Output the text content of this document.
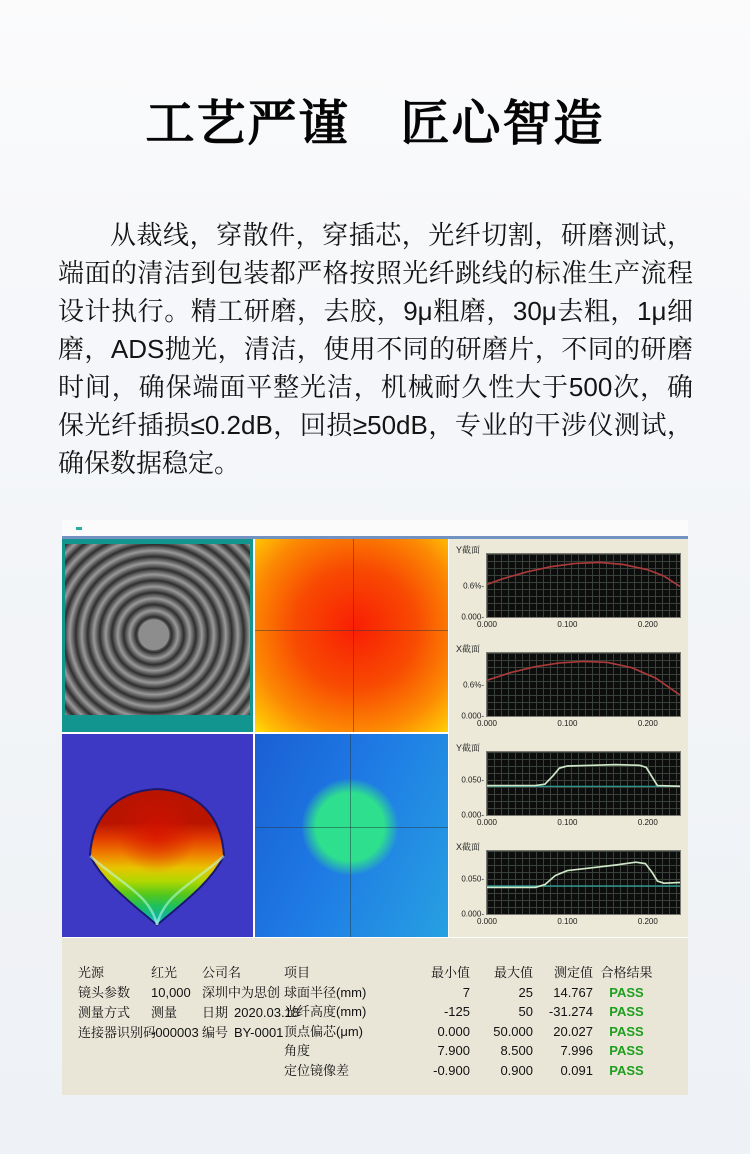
工艺严谨　匠心智造

从裁线，穿散件，穿插芯，光纤切割，研磨测试，端面的清洁到包装都严格按照光纤跳线的标准生产流程设计执行。精工研磨，去胶，9μ粗磨，30μ去粗，1μ细磨，ADS抛光，清洁，使用不同的研磨片，不同的研磨时间，确保端面平整光洁，机械耐久性大于500次，确保光纤插损≤0.2dB，回损≥50dB，专业的干涉仪测试，确保数据稳定。

Y截面
0.6%-
0.000-
0.000	0.100	0.200
X截面
0.6%-
0.000-
0.000	0.100	0.200
Y截面
0.050-
0.000-
0.000	0.100	0.200
X截面
0.050-
0.000-
0.000	0.100	0.200
光源	红光
镜头参数	10,000
测量方式	测量
连接器识别码
-000003
公司名
深圳中为思创
日期 2020.03.18
编号 BY-0001
项目	最小值	最大值	测定值	合格结果
球面半径(mm)	7	25	14.767	PASS
光纤高度(mm)	-125	50	-31.274	PASS
顶点偏芯(μm)	0.000	50.000	20.027	PASS
角度	7.900	8.500	7.996	PASS
定位镜像差	-0.900	0.900	0.091	PASS
